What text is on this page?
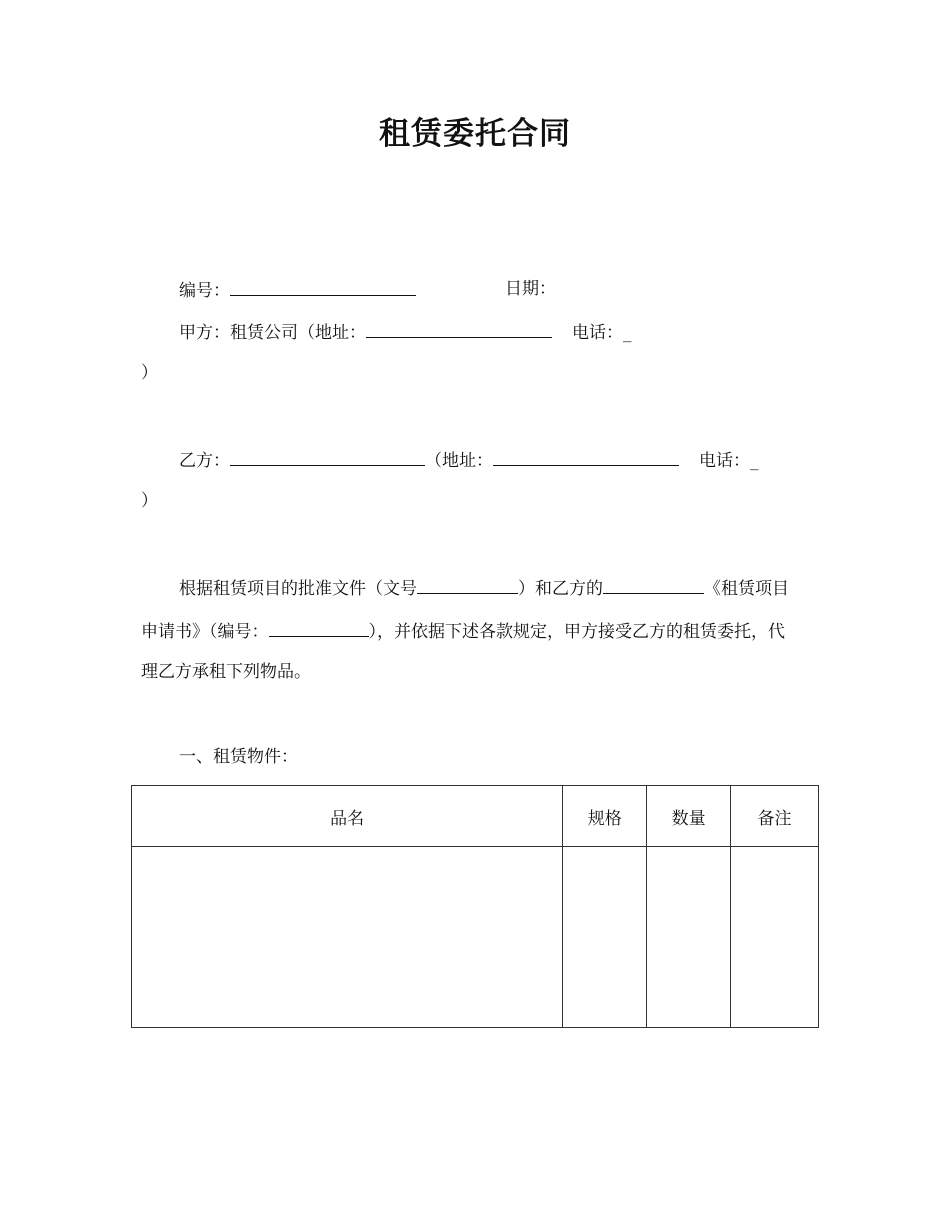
租赁委托合同
编号：	日期：
甲方：租赁公司（地址：	电话：_
）
乙方：	（地址：	电话：_
）
根据租赁项目的批准文件（文号	）和乙方的	《租赁项目
申请书》（编号：	），并依据下述各款规定，甲方接受乙方的租赁委托，代
理乙方承租下列物品。
一、租赁物件：
品名	规格	数量	备注
